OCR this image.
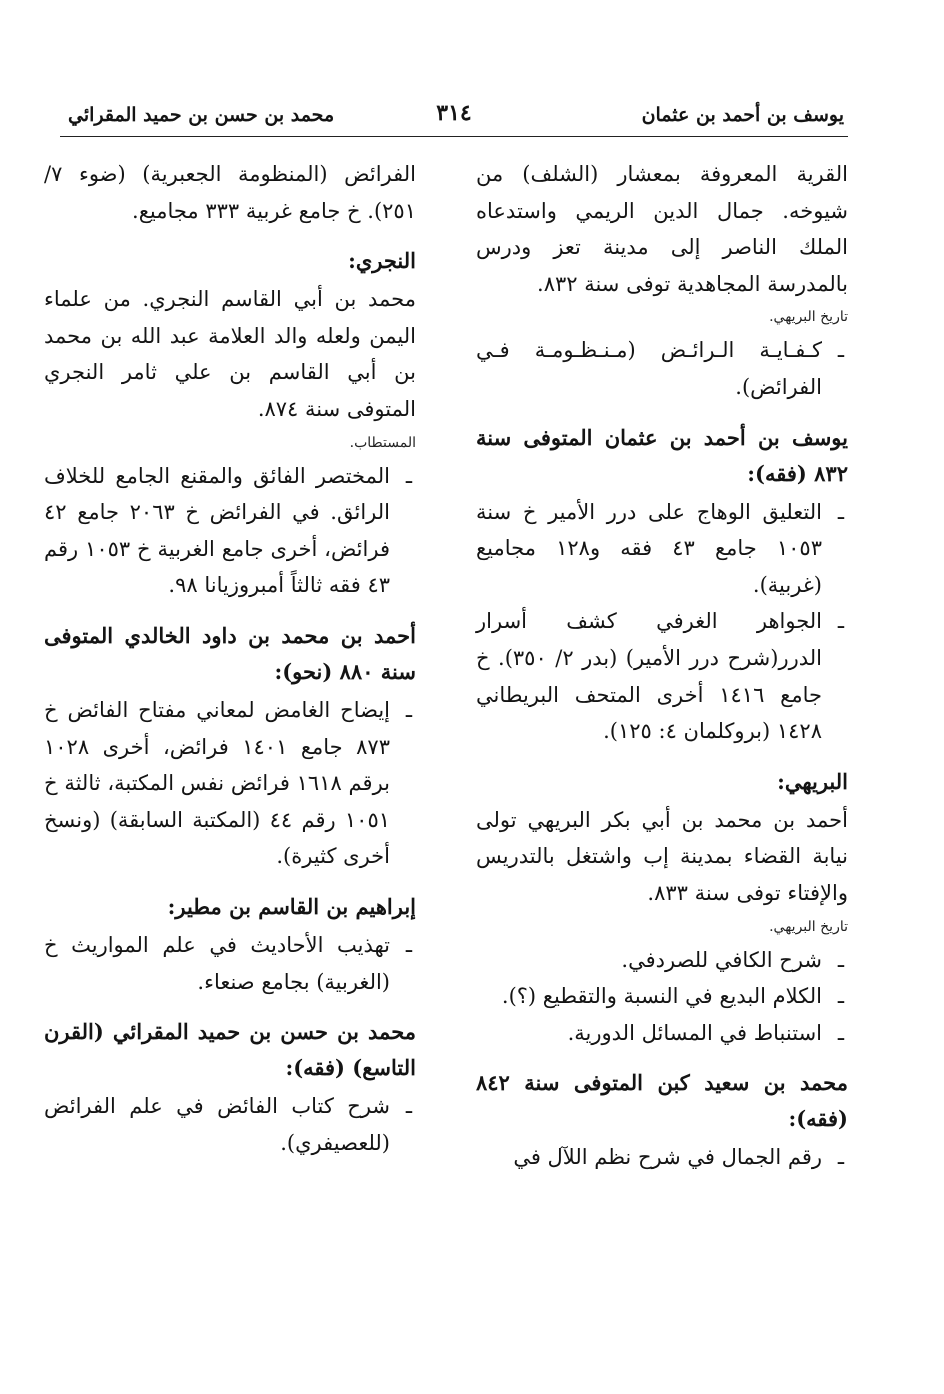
يوسف بن أحمد بن عثمان
٣١٤
محمد بن حسن بن حميد المقرائي

القرية المعروفة بمعشار (الشلف) من شيوخه. جمال الدين الريمي واستدعاه الملك الناصر إلى مدينة تعز ودرس بالمدرسة المجاهدية توفى سنة ٨٣٢.

تاريخ البريهي.

ـ
كـفـايـة الـرائـض (مـنـظـومـة فـي الفرائض).

يوسف بن أحمد بن عثمان المتوفى سنة ٨٣٢ (فقه):

ـ
التعليق الوهاج على درر الأمير خ سنة ١٠٥٣ جامع ٤٣ فقه و١٢٨ مجاميع (غربية).

ـ
الجواهر الغرفي كشف أسرار الدرر(شرح درر الأمير) (بدر ٢/ ٣٥٠). خ جامع ١٤١٦ أخرى المتحف البريطاني ١٤٢٨ (بروكلمان ٤: ١٢٥).

البريهي:

أحمد بن محمد بن أبي بكر البريهي تولى نيابة القضاء بمدينة إب واشتغل بالتدريس والإفتاء توفى سنة ٨٣٣.

تاريخ البريهي.

ـ
شرح الكافي للصردفي.

ـ
الكلام البديع في النسبة والتقطيع (؟).

ـ
استنباط في المسائل الدورية.

محمد بن سعيد كبن المتوفى سنة ٨٤٢ (فقه):

ـ
رقم الجمال في شرح نظم اللآل في

الفرائض (المنظومة الجعبرية) (ضوء ٧/ ٢٥١). خ جامع غربية ٣٣٣ مجاميع.

النجري:

محمد بن أبي القاسم النجري. من علماء اليمن ولعله والد العلامة عبد الله بن محمد بن أبي القاسم بن علي ثامر النجري المتوفى سنة ٨٧٤.

المستطاب.

ـ
المختصر الفائق والمقنع الجامع للخلاف الرائق. في الفرائض خ ٢٠٦٣ جامع ٤٢ فرائض، أخرى جامع الغربية خ ١٠٥٣ رقم ٤٣ فقه ثالثاً أمبروزيانا ٩٨.

أحمد بن محمد بن داود الخالدي المتوفى سنة ٨٨٠ (نحو):

ـ
إيضاح الغامض لمعاني مفتاح الفائض خ ٨٧٣ جامع ١٤٠١ فرائض، أخرى ١٠٢٨ برقم ١٦١٨ فرائض نفس المكتبة، ثالثة خ ١٠٥١ رقم ٤٤ (المكتبة السابقة) (ونسخ أخرى كثيرة).

إبراهيم بن القاسم بن مطير:

ـ
تهذيب الأحاديث في علم المواريث خ (الغربية) بجامع صنعاء.

محمد بن حسن بن حميد المقرائي (القرن التاسع) (فقه):

ـ
شرح كتاب الفائض في علم الفرائض (للعصيفري).
